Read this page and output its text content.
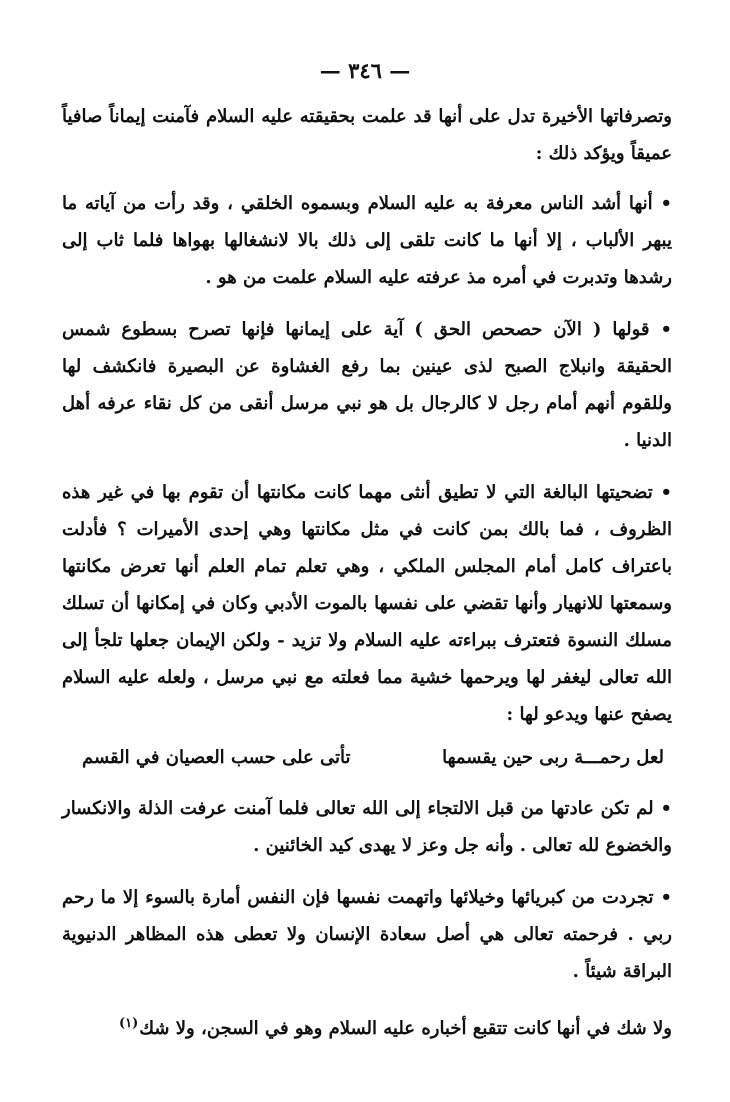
— ٣٤٦ —

وتصرفاتها الأخيرة تدل على أنها قد علمت بحقيقته عليه السلام فآمنت إيماناً صافياً عميقاً ويؤكد ذلك :

• أنها أشد الناس معرفة به عليه السلام وبسموه الخلقي ، وقد رأت من آياته ما يبهر الألباب ، إلا أنها ما كانت تلقى إلى ذلك بالا لانشغالها بهواها فلما ثاب إلى رشدها وتدبرت في أمره مذ عرفته عليه السلام علمت من هو .

• قولها ( الآن حصحص الحق ) آية على إيمانها فإنها تصرح بسطوع شمس الحقيقة وانبلاج الصبح لذى عينين بما رفع الغشاوة عن البصيرة فانكشف لها وللقوم أنهم أمام رجل لا كالرجال بل هو نبي مرسل أنقى من كل نقاء عرفه أهل الدنيا .

• تضحيتها البالغة التي لا تطيق أنثى مهما كانت مكانتها أن تقوم بها في غير هذه الظروف ، فما بالك بمن كانت في مثل مكانتها وهي إحدى الأميرات ؟ فأدلت باعتراف كامل أمام المجلس الملكي ، وهي تعلم تمام العلم أنها تعرض مكانتها وسمعتها للانهيار وأنها تقضي على نفسها بالموت الأدبي وكان في إمكانها أن تسلك مسلك النسوة فتعترف ببراءته عليه السلام ولا تزيد - ولكن الإيمان جعلها تلجأ إلى الله تعالى ليغفر لها ويرحمها خشية مما فعلته مع نبي مرسل ، ولعله عليه السلام يصفح عنها ويدعو لها :

لعل رحمـــة ربى حين يقسمها
تأتى على حسب العصيان في القسم

• لم تكن عادتها من قبل الالتجاء إلى الله تعالى فلما آمنت عرفت الذلة والانكسار والخضوع لله تعالى . وأنه جل وعز لا يهدى كيد الخائنين .

• تجردت من كبريائها وخيلائها واتهمت نفسها فإن النفس أمارة بالسوء إلا ما رحم ربي . فرحمته تعالى هي أصل سعادة الإنسان ولا تعطى هذه المظاهر الدنيوية البراقة شيئاً .

ولا شك في أنها كانت تتقبع أخباره عليه السلام وهو في السجن، ولا شك$^{(١)}$
